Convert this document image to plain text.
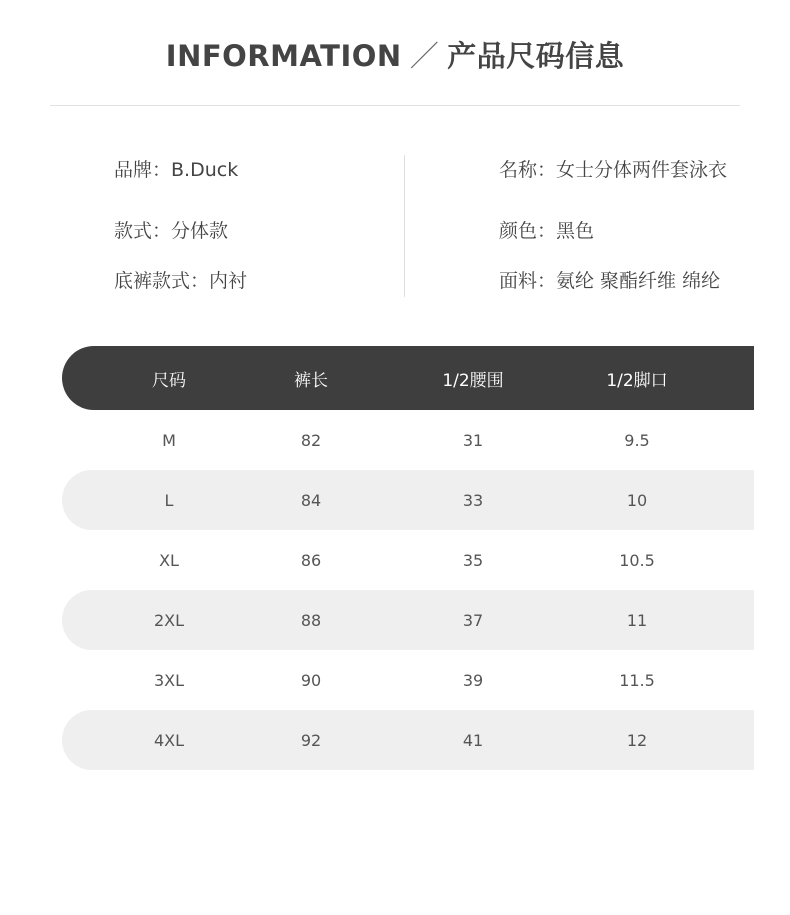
INFORMATION ／ 产品尺码信息
品牌：B.Duck	名称：女士分体两件套泳衣
款式：分体款	颜色：黑色
底裤款式：内衬	面料：氨纶 聚酯纤维 绵纶
尺码	裤长	1/2腰围	1/2脚口
M	82	31	9.5
L	84	33	10
XL	86	35	10.5
2XL	88	37	11
3XL	90	39	11.5
4XL	92	41	12
